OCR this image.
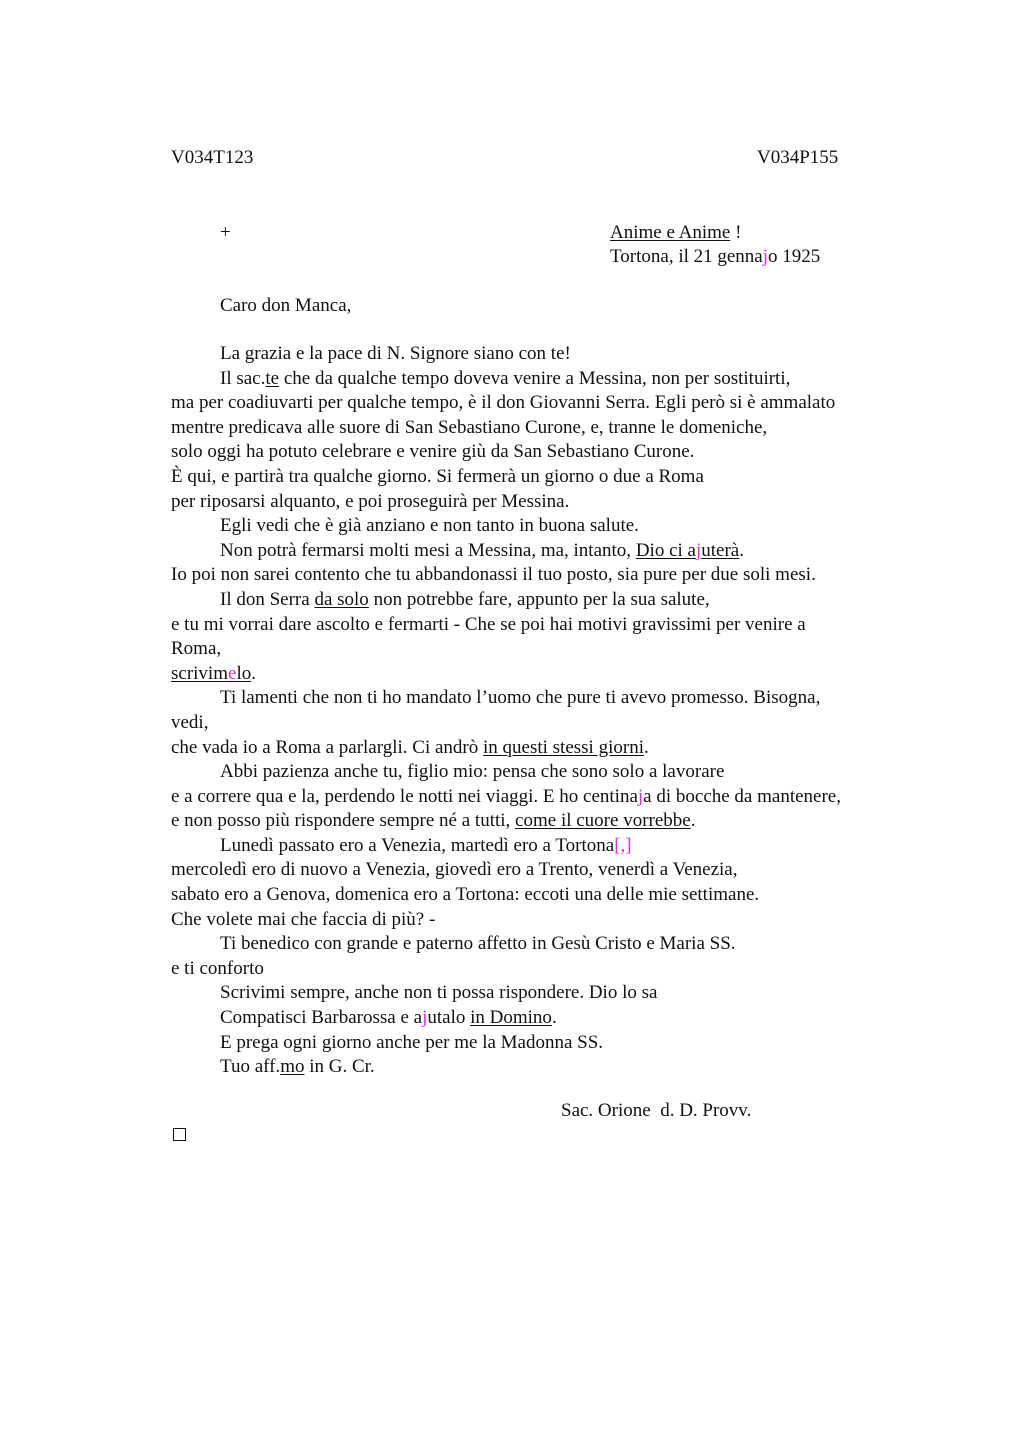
V034T123	V034P155
+	Anime e Anime !
Tortona, il 21 gennajo 1925
Caro don Manca,
La grazia e la pace di N. Signore siano con te!
Il sac.te che da qualche tempo doveva venire a Messina, non per sostituirti,
ma per coadiuvarti per qualche tempo, è il don Giovanni Serra. Egli però si è ammalato
mentre predicava alle suore di San Sebastiano Curone, e, tranne le domeniche,
solo oggi ha potuto celebrare e venire giù da San Sebastiano Curone.
È qui, e partirà tra qualche giorno. Si fermerà un giorno o due a Roma
per riposarsi alquanto, e poi proseguirà per Messina.
Egli vedi che è già anziano e non tanto in buona salute.
Non potrà fermarsi molti mesi a Messina, ma, intanto, Dio ci ajuterà.
Io poi non sarei contento che tu abbandonassi il tuo posto, sia pure per due soli mesi.
Il don Serra da solo non potrebbe fare, appunto per la sua salute,
e tu mi vorrai dare ascolto e fermarti - Che se poi hai motivi gravissimi per venire a
Roma,
scrivimelo.
Ti lamenti che non ti ho mandato l’uomo che pure ti avevo promesso. Bisogna,
vedi,
che vada io a Roma a parlargli. Ci andrò in questi stessi giorni.
Abbi pazienza anche tu, figlio mio: pensa che sono solo a lavorare
e a correre qua e la, perdendo le notti nei viaggi. E ho centinaja di bocche da mantenere,
e non posso più rispondere sempre né a tutti, come il cuore vorrebbe.
Lunedì passato ero a Venezia, martedì ero a Tortona[,]
mercoledì ero di nuovo a Venezia, giovedì ero a Trento, venerdì a Venezia,
sabato ero a Genova, domenica ero a Tortona: eccoti una delle mie settimane.
Che volete mai che faccia di più? -
Ti benedico con grande e paterno affetto in Gesù Cristo e Maria SS.
e ti conforto
Scrivimi sempre, anche non ti possa rispondere. Dio lo sa
Compatisci Barbarossa e ajutalo in Domino.
E prega ogni giorno anche per me la Madonna SS.
Tuo aff.mo in G. Cr.
Sac. Orione  d. D. Provv.
